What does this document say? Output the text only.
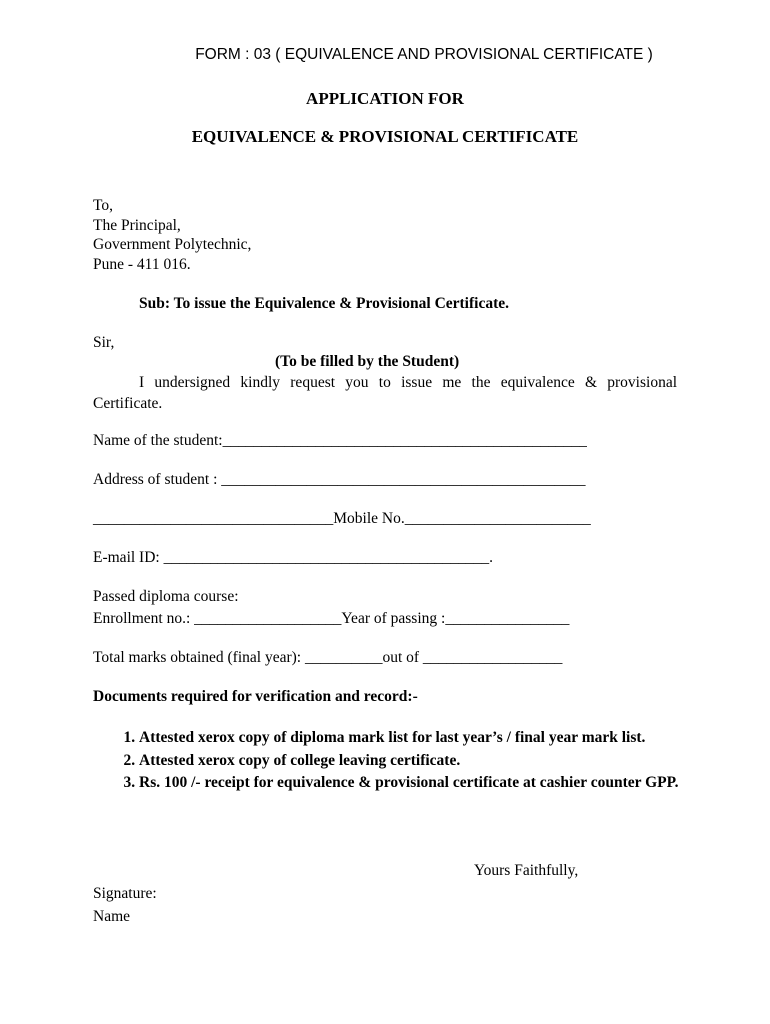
FORM : 03 ( EQUIVALENCE AND PROVISIONAL CERTIFICATE )
APPLICATION FOR
EQUIVALENCE & PROVISIONAL CERTIFICATE
To,
The Principal,
Government Polytechnic,
Pune - 411 016.
Sub: To issue the Equivalence & Provisional Certificate.
Sir,
(To be filled by the Student)
I undersigned kindly request you to issue me the equivalence & provisional Certificate.
Name of the student:_______________________________________________
Address of student : _______________________________________________
_______________________________Mobile No.________________________
E-mail ID: __________________________________________.
Passed diploma course:
Enrollment no.: ___________________Year of passing :________________
Total marks obtained (final year): __________out of __________________
Documents required for verification and record:-
1. Attested xerox copy of diploma mark list for last year’s / final year mark list.
2. Attested xerox copy of college leaving certificate.
3. Rs. 100 /- receipt for equivalence & provisional certificate at cashier counter GPP.
Yours Faithfully,
Signature:
Name
